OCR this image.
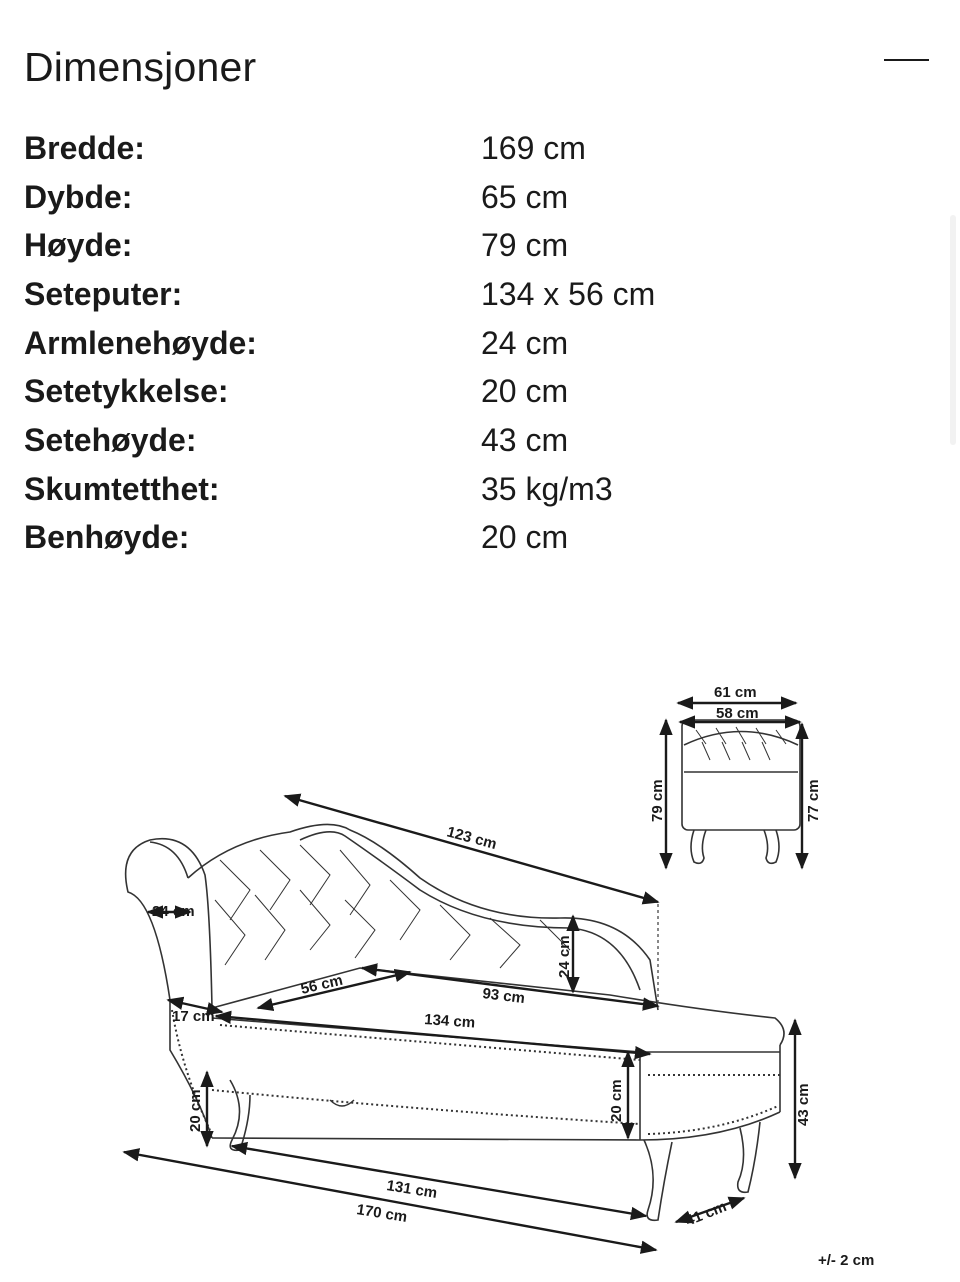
Dimensjoner
Bredde:	169 cm
Dybde:	65 cm
Høyde:	79 cm
Seteputer:	134 x 56 cm
Armlenehøyde:	24 cm
Setetykkelse:	20 cm
Setehøyde:	43 cm
Skumtetthet:	35 kg/m3
Benhøyde:	20 cm
61 cm
58 cm
79 cm	77 cm
123 cm
24 cm
24 cm
56 cm	93 cm
17 cm	134 cm
20 cm	20 cm	43 cm
131 cm
170 cm	41 cm
+/- 2 cm
